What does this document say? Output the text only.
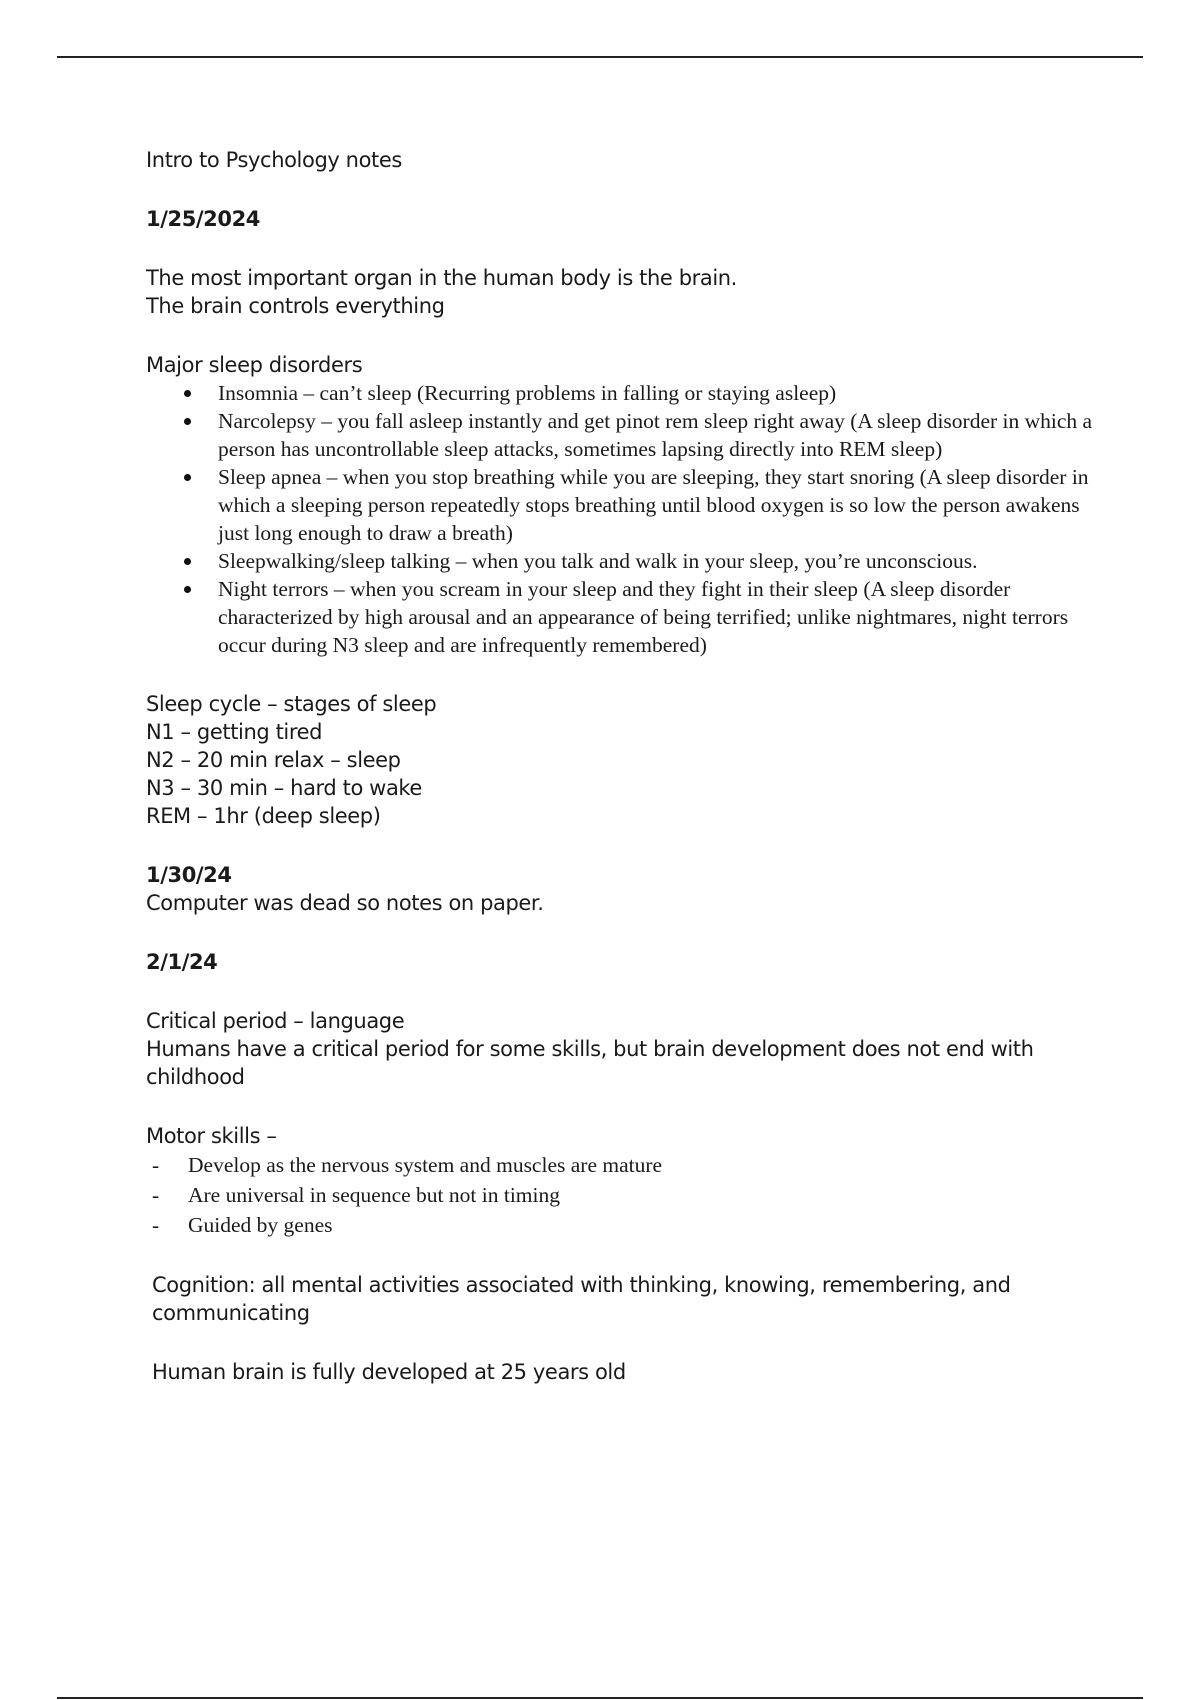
Intro to Psychology notes

1/25/2024

The most important organ in the human body is the brain.

The brain controls everything

Major sleep disorders

Insomnia – can’t sleep (Recurring problems in falling or staying asleep)
Narcolepsy – you fall asleep instantly and get pinot rem sleep right away (A sleep disorder in which a person has uncontrollable sleep attacks, sometimes lapsing directly into REM sleep)
Sleep apnea – when you stop breathing while you are sleeping, they start snoring (A sleep disorder in which a sleeping person repeatedly stops breathing until blood oxygen is so low the person awakens just long enough to draw a breath)
Sleepwalking/sleep talking – when you talk and walk in your sleep, you’re unconscious.
Night terrors – when you scream in your sleep and they fight in their sleep (A sleep disorder characterized by high arousal and an appearance of being terrified; unlike nightmares, night terrors occur during N3 sleep and are infrequently remembered)

Sleep cycle – stages of sleep

N1 – getting tired

N2 – 20 min relax – sleep

N3 – 30 min – hard to wake

REM – 1hr (deep sleep)

1/30/24

Computer was dead so notes on paper.

2/1/24

Critical period – language

Humans have a critical period for some skills, but brain development does not end with childhood

Motor skills –

- Develop as the nervous system and muscles are mature
- Are universal in sequence but not in timing
- Guided by genes

Cognition: all mental activities associated with thinking, knowing, remembering, and communicating

Human brain is fully developed at 25 years old
